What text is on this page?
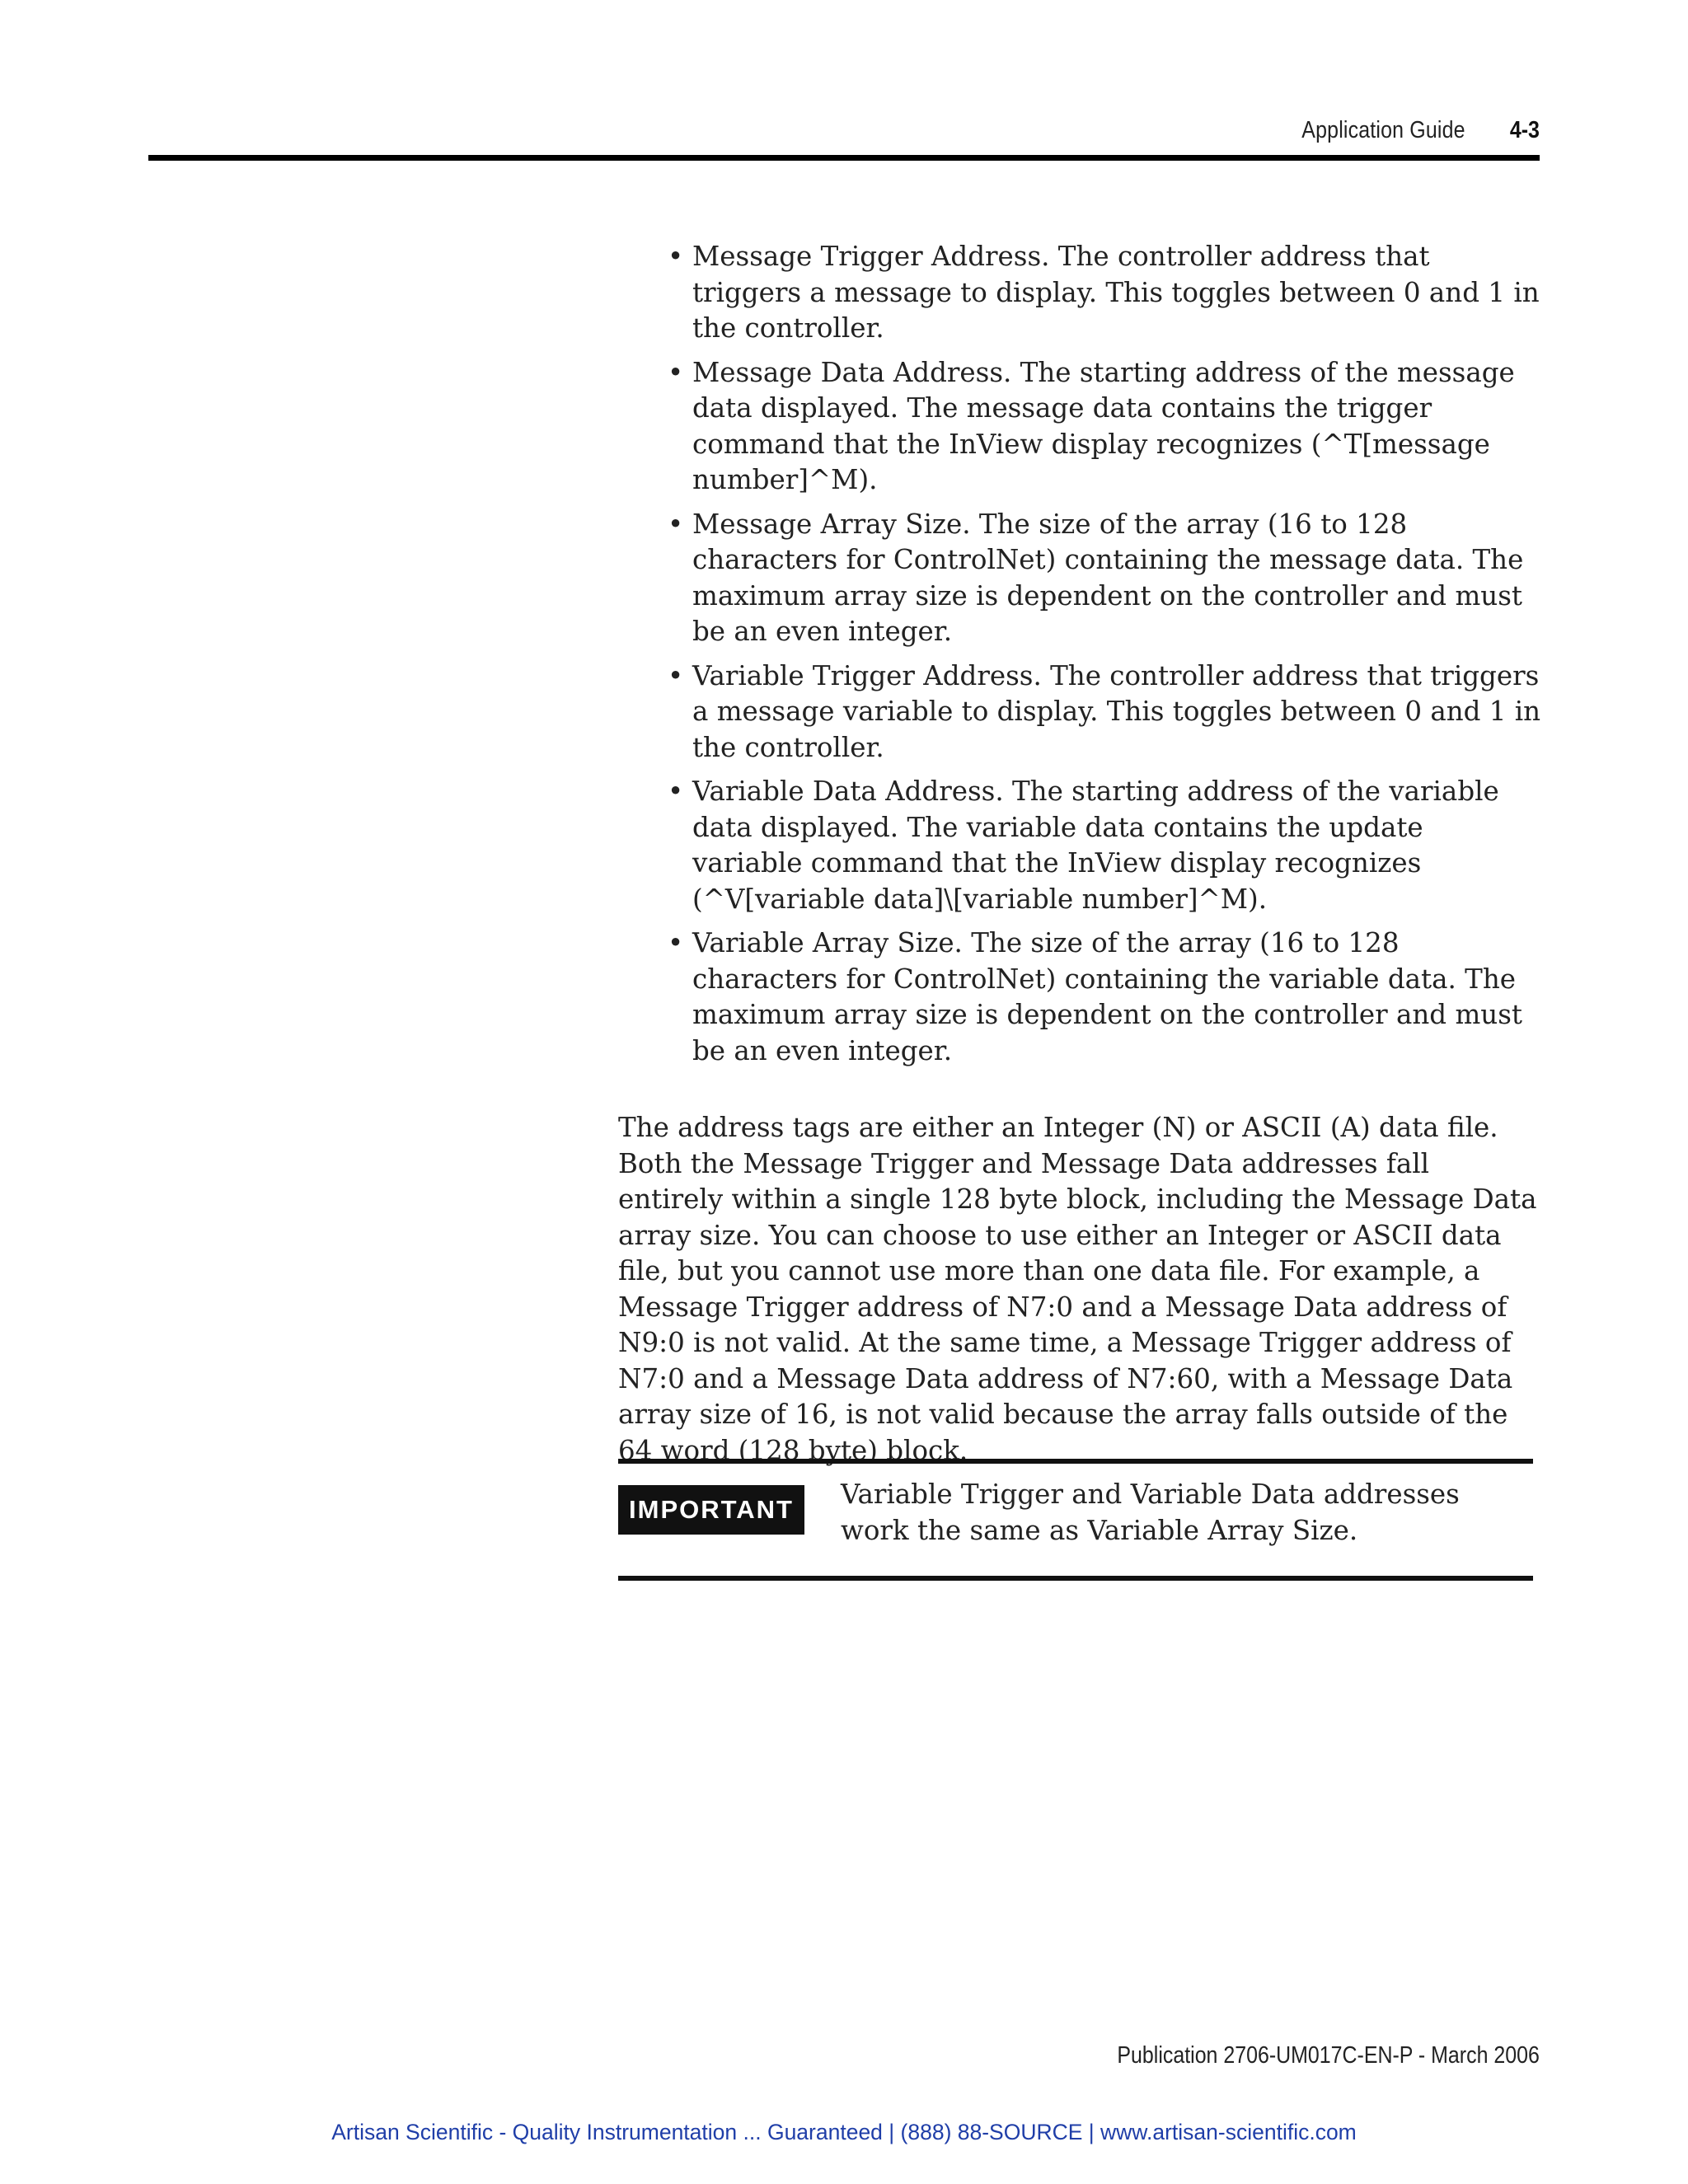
Application Guide 4-3
• Message Trigger Address. The controller address that triggers a message to display. This toggles between 0 and 1 in the controller.
• Message Data Address. The starting address of the message data displayed. The message data contains the trigger command that the InView display recognizes (^T[message number]^M).
• Message Array Size. The size of the array (16 to 128 characters for ControlNet) containing the message data. The maximum array size is dependent on the controller and must be an even integer.
• Variable Trigger Address. The controller address that triggers a message variable to display. This toggles between 0 and 1 in the controller.
• Variable Data Address. The starting address of the variable data displayed. The variable data contains the update variable command that the InView display recognizes (^V[variable data]\[variable number]^M).
• Variable Array Size. The size of the array (16 to 128 characters for ControlNet) containing the variable data. The maximum array size is dependent on the controller and must be an even integer.

The address tags are either an Integer (N) or ASCII (A) data file. Both the Message Trigger and Message Data addresses fall entirely within a single 128 byte block, including the Message Data array size. You can choose to use either an Integer or ASCII data file, but you cannot use more than one data file. For example, a Message Trigger address of N7:0 and a Message Data address of N9:0 is not valid. At the same time, a Message Trigger address of N7:0 and a Message Data address of N7:60, with a Message Data array size of 16, is not valid because the array falls outside of the 64 word (128 byte) block.

IMPORTANT	Variable Trigger and Variable Data addresses work the same as Variable Array Size.
Publication 2706-UM017C-EN-P - March 2006
Artisan Scientific - Quality Instrumentation ... Guaranteed | (888) 88-SOURCE | www.artisan-scientific.com
